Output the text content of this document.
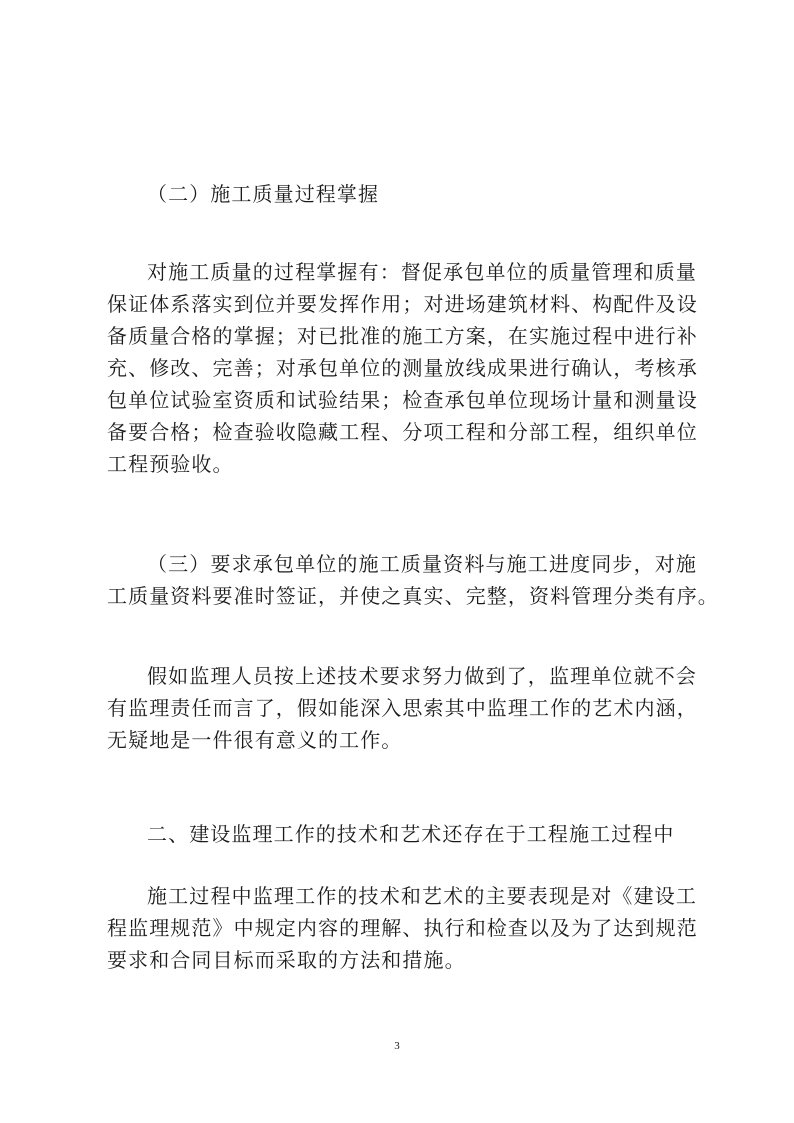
（二）施工质量过程掌握
对施工质量的过程掌握有：督促承包单位的质量管理和质量
保证体系落实到位并要发挥作用；对进场建筑材料、构配件及设
备质量合格的掌握；对已批准的施工方案，在实施过程中进行补
充、修改、完善；对承包单位的测量放线成果进行确认，考核承
包单位试验室资质和试验结果；检查承包单位现场计量和测量设
备要合格；检查验收隐藏工程、分项工程和分部工程，组织单位
工程预验收。
（三）要求承包单位的施工质量资料与施工进度同步，对施
工质量资料要准时签证，并使之真实、完整，资料管理分类有序。
假如监理人员按上述技术要求努力做到了，监理单位就不会
有监理责任而言了，假如能深入思索其中监理工作的艺术内涵，
无疑地是一件很有意义的工作。
二、建设监理工作的技术和艺术还存在于工程施工过程中
施工过程中监理工作的技术和艺术的主要表现是对《建设工
程监理规范》中规定内容的理解、执行和检查以及为了达到规范
要求和合同目标而采取的方法和措施。
3
